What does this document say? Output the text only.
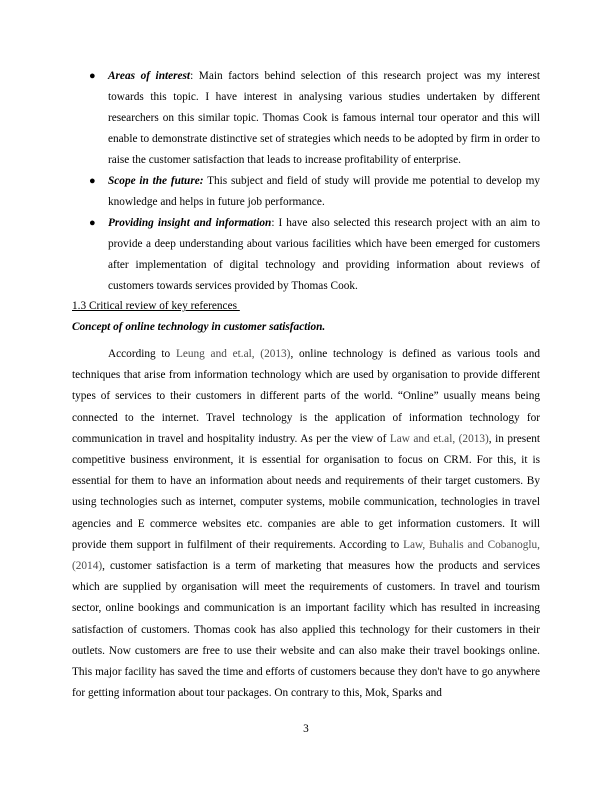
● Areas of interest: Main factors behind selection of this research project was my interest towards this topic. I have interest in analysing various studies undertaken by different researchers on this similar topic. Thomas Cook is famous internal tour operator and this will enable to demonstrate distinctive set of strategies which needs to be adopted by firm in order to raise the customer satisfaction that leads to increase profitability of enterprise.
● Scope in the future: This subject and field of study will provide me potential to develop my knowledge and helps in future job performance.
● Providing insight and information: I have also selected this research project with an aim to provide a deep understanding about various facilities which have been emerged for customers after implementation of digital technology and providing information about reviews of customers towards services provided by Thomas Cook.
1.3 Critical review of key references
Concept of online technology in customer satisfaction.

According to Leung and et.al, (2013), online technology is defined as various tools and techniques that arise from information technology which are used by organisation to provide different types of services to their customers in different parts of the world. “Online” usually means being connected to the internet. Travel technology is the application of information technology for communication in travel and hospitality industry. As per the view of Law and et.al, (2013), in present competitive business environment, it is essential for organisation to focus on CRM. For this, it is essential for them to have an information about needs and requirements of their target customers. By using technologies such as internet, computer systems, mobile communication, technologies in travel agencies and E commerce websites etc. companies are able to get information customers. It will provide them support in fulfilment of their requirements. According to Law, Buhalis and Cobanoglu, (2014), customer satisfaction is a term of marketing that measures how the products and services which are supplied by organisation will meet the requirements of customers. In travel and tourism sector, online bookings and communication is an important facility which has resulted in increasing satisfaction of customers. Thomas cook has also applied this technology for their customers in their outlets. Now customers are free to use their website and can also make their travel bookings online. This major facility has saved the time and efforts of customers because they don't have to go anywhere for getting information about tour packages. On contrary to this, Mok, Sparks and

3
